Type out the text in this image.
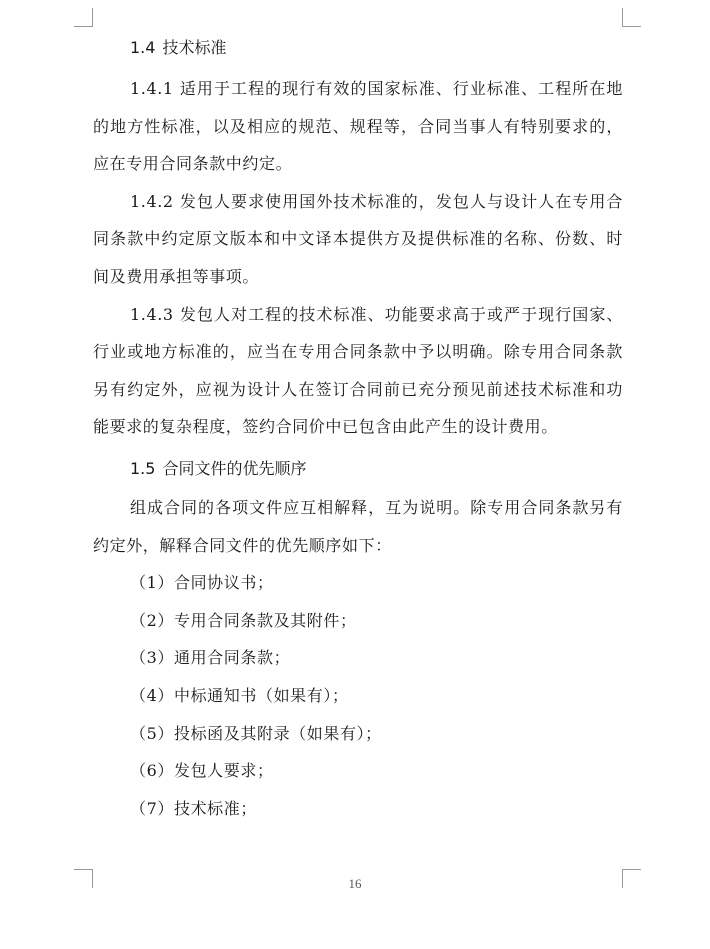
1.4 技术标准

1.4.1 适用于工程的现行有效的国家标准、行业标准、工程所在地的地方性标准，以及相应的规范、规程等，合同当事人有特别要求的，应在专用合同条款中约定。

1.4.2 发包人要求使用国外技术标准的，发包人与设计人在专用合同条款中约定原文版本和中文译本提供方及提供标准的名称、份数、时间及费用承担等事项。

1.4.3 发包人对工程的技术标准、功能要求高于或严于现行国家、行业或地方标准的，应当在专用合同条款中予以明确。除专用合同条款另有约定外，应视为设计人在签订合同前已充分预见前述技术标准和功能要求的复杂程度，签约合同价中已包含由此产生的设计费用。

1.5 合同文件的优先顺序

组成合同的各项文件应互相解释，互为说明。除专用合同条款另有约定外，解释合同文件的优先顺序如下：

（1）合同协议书；
（2）专用合同条款及其附件；
（3）通用合同条款；
（4）中标通知书（如果有）；
（5）投标函及其附录（如果有）；
（6）发包人要求；
（7）技术标准；
16
